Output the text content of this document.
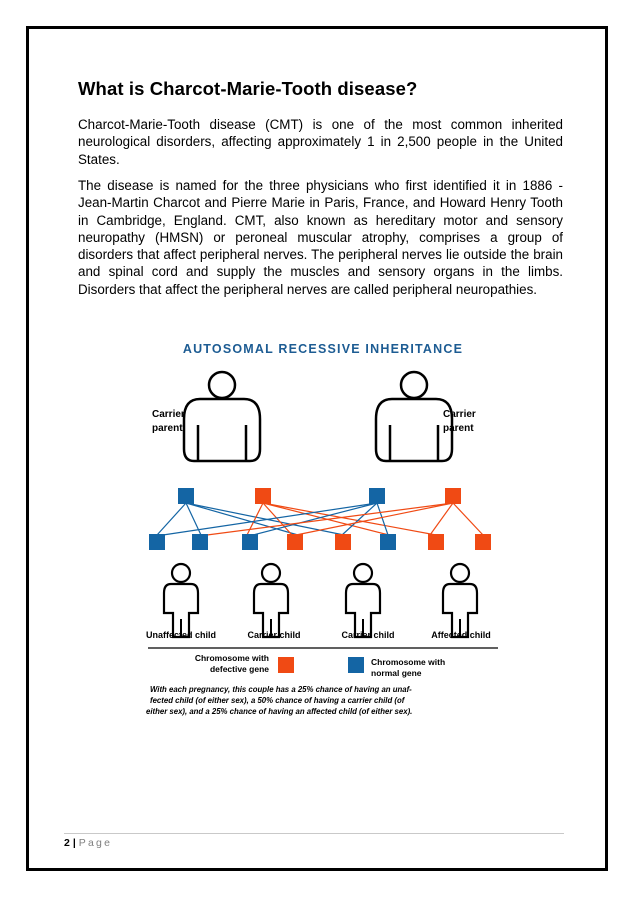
What is Charcot-Marie-Tooth disease?

Charcot-Marie-Tooth disease (CMT) is one of the most common inherited neurological disorders, affecting approximately 1 in 2,500 people in the United States.

The disease is named for the three physicians who first identified it in 1886 - Jean-Martin Charcot and Pierre Marie in Paris, France, and Howard Henry Tooth in Cambridge, England. CMT, also known as hereditary motor and sensory neuropathy (HMSN) or peroneal muscular atrophy, comprises a group of disorders that affect peripheral nerves. The peripheral nerves lie outside the brain and spinal cord and supply the muscles and sensory organs in the limbs. Disorders that affect the peripheral nerves are called peripheral neuropathies.

AUTOSOMAL RECESSIVE INHERITANCE
Carrier
parent
Carrier
parent
Unaffected child	Carrier child	Carrier child	Affected child
Chromosome with
defective gene
Chromosome with
normal gene
With each pregnancy, this couple has a 25% chance of having an unaf-
fected child (of either sex), a 50% chance of having a carrier child (of
either sex), and a 25% chance of having an affected child (of either sex).
2 | Page
